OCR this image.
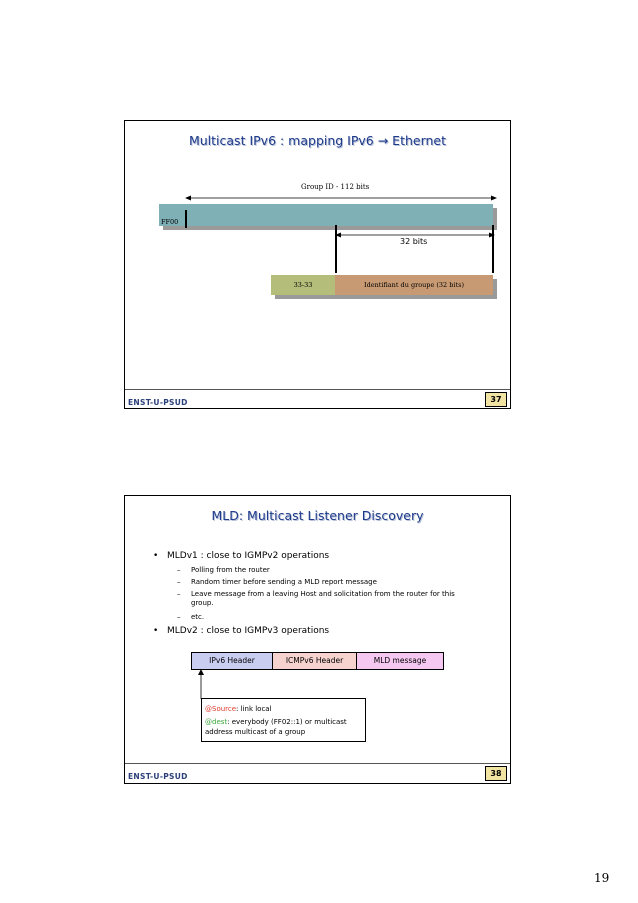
Multicast IPv6 : mapping IPv6 → Ethernet
Group ID - 112 bits
FF00
32 bits
33-33	Identifiant du groupe (32 bits)
ENST-U-PSUD	37
MLD: Multicast Listener Discovery
• MLDv1 : close to IGMPv2 operations
– Polling from the router
– Random timer before sending a MLD report message
– Leave message from a leaving Host and solicitation from the router for this group.
– etc.
• MLDv2 : close to IGMPv3 operations
IPv6 Header	ICMPv6 Header	MLD message
@Source: link local
@dest: everybody (FF02::1) or multicast address multicast of a group
ENST-U-PSUD	38
19
